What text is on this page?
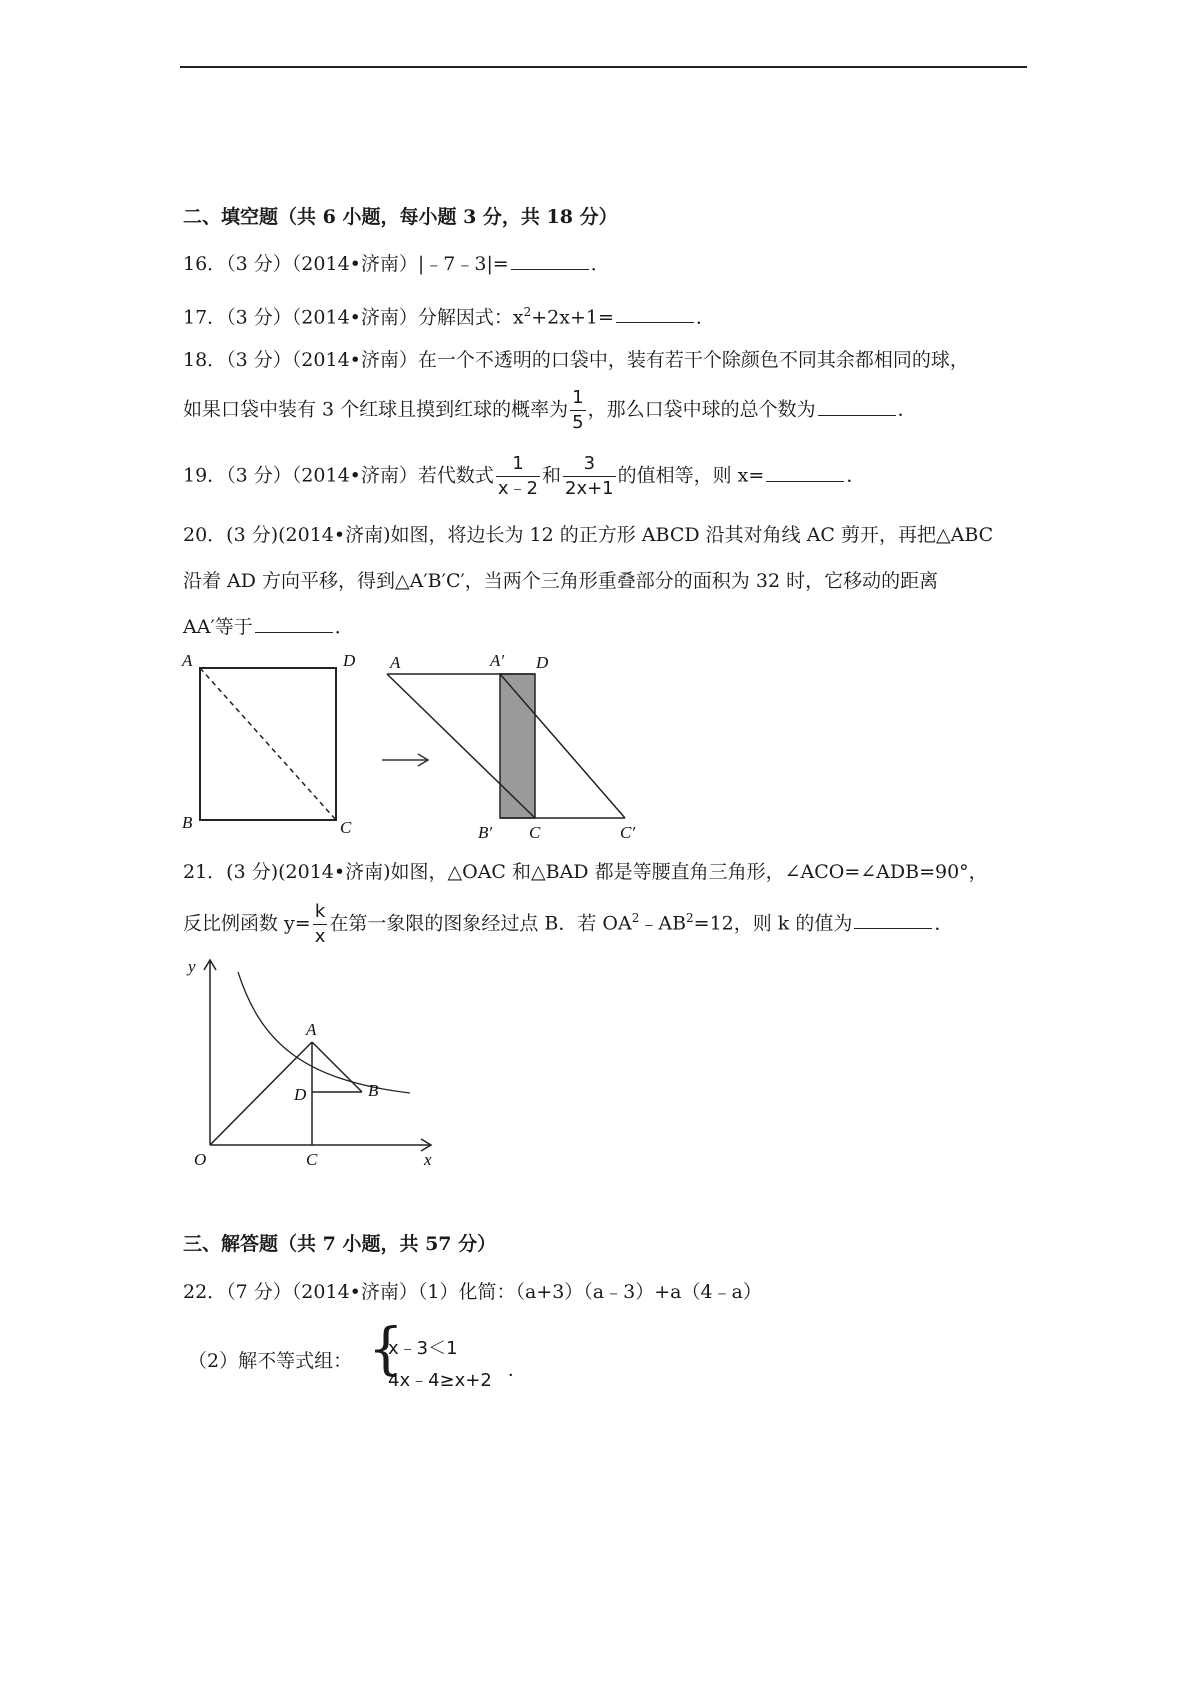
二、填空题（共 6 小题，每小题 3 分，共 18 分）
16．（3 分）（2014•济南）|﹣7﹣3|=	．
17．（3 分）（2014•济南）分解因式：$x^2+2x+1=$	．
18．（3 分）（2014•济南）在一个不透明的口袋中，装有若干个除颜色不同其余都相同的球，
如果口袋中装有 3 个红球且摸到红球的概率为 $\frac{1}{5}$ ，那么口袋中球的总个数为	．
19．（3 分）（2014•济南）若代数式 $\frac{1}{x﹣2}$ 和 $\frac{3}{2x+1}$ 的值相等，则 x=	．
20．(3 分)(2014•济南)如图，将边长为 12 的正方形 ABCD 沿其对角线 AC 剪开，再把△ABC
沿着 AD 方向平移，得到△A′B′C′，当两个三角形重叠部分的面积为 32 时，它移动的距离
AA′等于	．
A	D
B	C
A	A′ D
B′ C	C′
21．(3 分)(2014•济南)如图，△OAC 和△BAD 都是等腰直角三角形，∠ACO=∠ADB=90°，
反比例函数 $y= \frac{k}{x}$ 在第一象限的图象经过点 B．若 $OA^2﹣AB^2=12$，则 k 的值为	．
y
x
O
A
B
C
D
三、解答题（共 7 小题，共 57 分）
22．（7 分）（2014•济南）（1）化简：（a+3）（a﹣3）+a（4﹣a）
（2）解不等式组： {
x﹣3＜1
4x﹣4≥x+2 ．
